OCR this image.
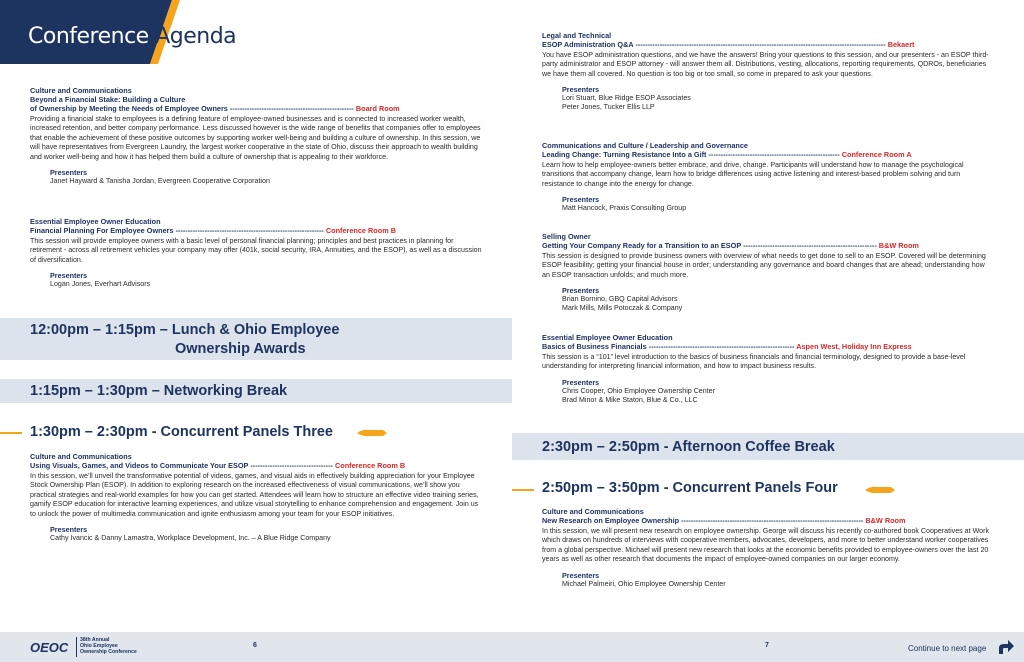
Conference Agenda
Culture and Communications
Beyond a Financial Stake: Building a Culture
of Ownership by Meeting the Needs of Employee Owners --------------------------------------------------- Board Room
Providing a financial stake to employees is a defining feature of employee-owned businesses and is connected to increased worker wealth, increased retention, and better company performance. Less discussed however is the wide range of benefits that companies offer to employees that enable the achievement of these positive outcomes by supporting worker well-being and building a culture of ownership. In this session, we will have representatives from Evergreen Laundry, the largest worker cooperative in the state of Ohio, discuss their approach to wealth building and worker well-being and how it has helped them build a culture of ownership that is appealing to their workforce.
Presenters
Janet Hayward & Tanisha Jordan, Evergreen Cooperative Corporation
Essential Employee Owner Education
Financial Planning For Employee Owners ------------------------------------------------------------- Conference Room B
This session will provide employee owners with a basic level of personal financial planning; principles and best practices in planning for retirement - across all retirement vehicles your company may offer (401k, social security, IRA, Annuities, and the ESOP), as well as a discussion of diversification.
Presenters
Logan Jones, Everhart Advisors
12:00pm – 1:15pm – Lunch & Ohio Employee
Ownership Awards
1:15pm – 1:30pm – Networking Break
1:30pm – 2:30pm - Concurrent Panels Three
Culture and Communications
Using Visuals, Games, and Videos to Communicate Your ESOP ---------------------------------- Conference Room B
In this session, we’ll unveil the transformative potential of videos, games, and visual aids in effectively building appreciation for your Employee Stock Ownership Plan (ESOP). In addition to exploring research on the increased effectiveness of visual communications, we’ll show you practical strategies and real-world examples for how you can get started. Attendees will learn how to structure an effective video training series, gamify ESOP education for interactive learning experiences, and utilize visual storytelling to enhance comprehension and engagement. Join us to unlock the power of multimedia communication and ignite enthusiasm among your team for your ESOP initiatives.
Presenters
Cathy Ivancic & Danny Lamastra, Workplace Development, Inc. – A Blue Ridge Company
Legal and Technical
ESOP Administration Q&A ------------------------------------------------------------------------------------------------------- Bekaert
You have ESOP administration questions, and we have the answers! Bring your questions to this session, and our presenters - an ESOP third-party administrator and ESOP attorney - will answer them all. Distributions, vesting, allocations, reporting requirements, QDROs, beneficiaries we have them all covered. No question is too big or too small, so come in prepared to ask your questions.
Presenters
Lori Stuart, Blue Ridge ESOP Associates
Peter Jones, Tucker Ellis LLP
Communications and Culture / Leadership and Governance
Leading Change: Turning Resistance Into a Gift ------------------------------------------------------ Conference Room A
Learn how to help employee-owners better embrace, and drive, change. Participants will understand how to manage the psychological transitions that accompany change, learn how to bridge differences using active listening and interest-based problem solving and turn resistance to change into the energy for change.
Presenters
Matt Hancock, Praxis Consulting Group
Selling Owner
Getting Your Company Ready for a Transition to an ESOP ------------------------------------------------------- B&W Room
This session is designed to provide business owners with overview of what needs to get done to sell to an ESOP. Covered will be determining ESOP feasibility; getting your financial house in order; understanding any governance and board changes that are ahead; understanding how an ESOP transaction unfolds; and much more.
Presenters
Brian Bornino, GBQ Capital Advisors
Mark Mills, Mills Potoczak & Company
Essential Employee Owner Education
Basics of Business Financials ------------------------------------------------------------ Aspen West, Holiday Inn Express
This session is a “101” level introduction to the basics of business financials and financial terminology, designed to provide a base-level understanding for interpreting financial information, and how to impact business results.
Presenters
Chris Cooper, Ohio Employee Ownership Center
Brad Minor & Mike Staton, Blue & Co., LLC
2:30pm – 2:50pm - Afternoon Coffee Break
2:50pm – 3:50pm - Concurrent Panels Four
Culture and Communications
New Research on Employee Ownership --------------------------------------------------------------------------- B&W Room
In this session, we will present new research on employee ownership. George will discuss his recently co-authored book Cooperatives at Work which draws on hundreds of interviews with cooperative members, advocates, developers, and more to better understand worker cooperatives from a global perspective. Michael will present new research that looks at the economic benefits provided to employee-owners over the last 20 years as well as other research that documents the impact of employee-owned companies on our larger economy.
Presenters
Michael Palmeiri, Ohio Employee Ownership Center
OEOC 38th Annual
Ohio Employee
Ownership Conference
6	7	Continue to next page
